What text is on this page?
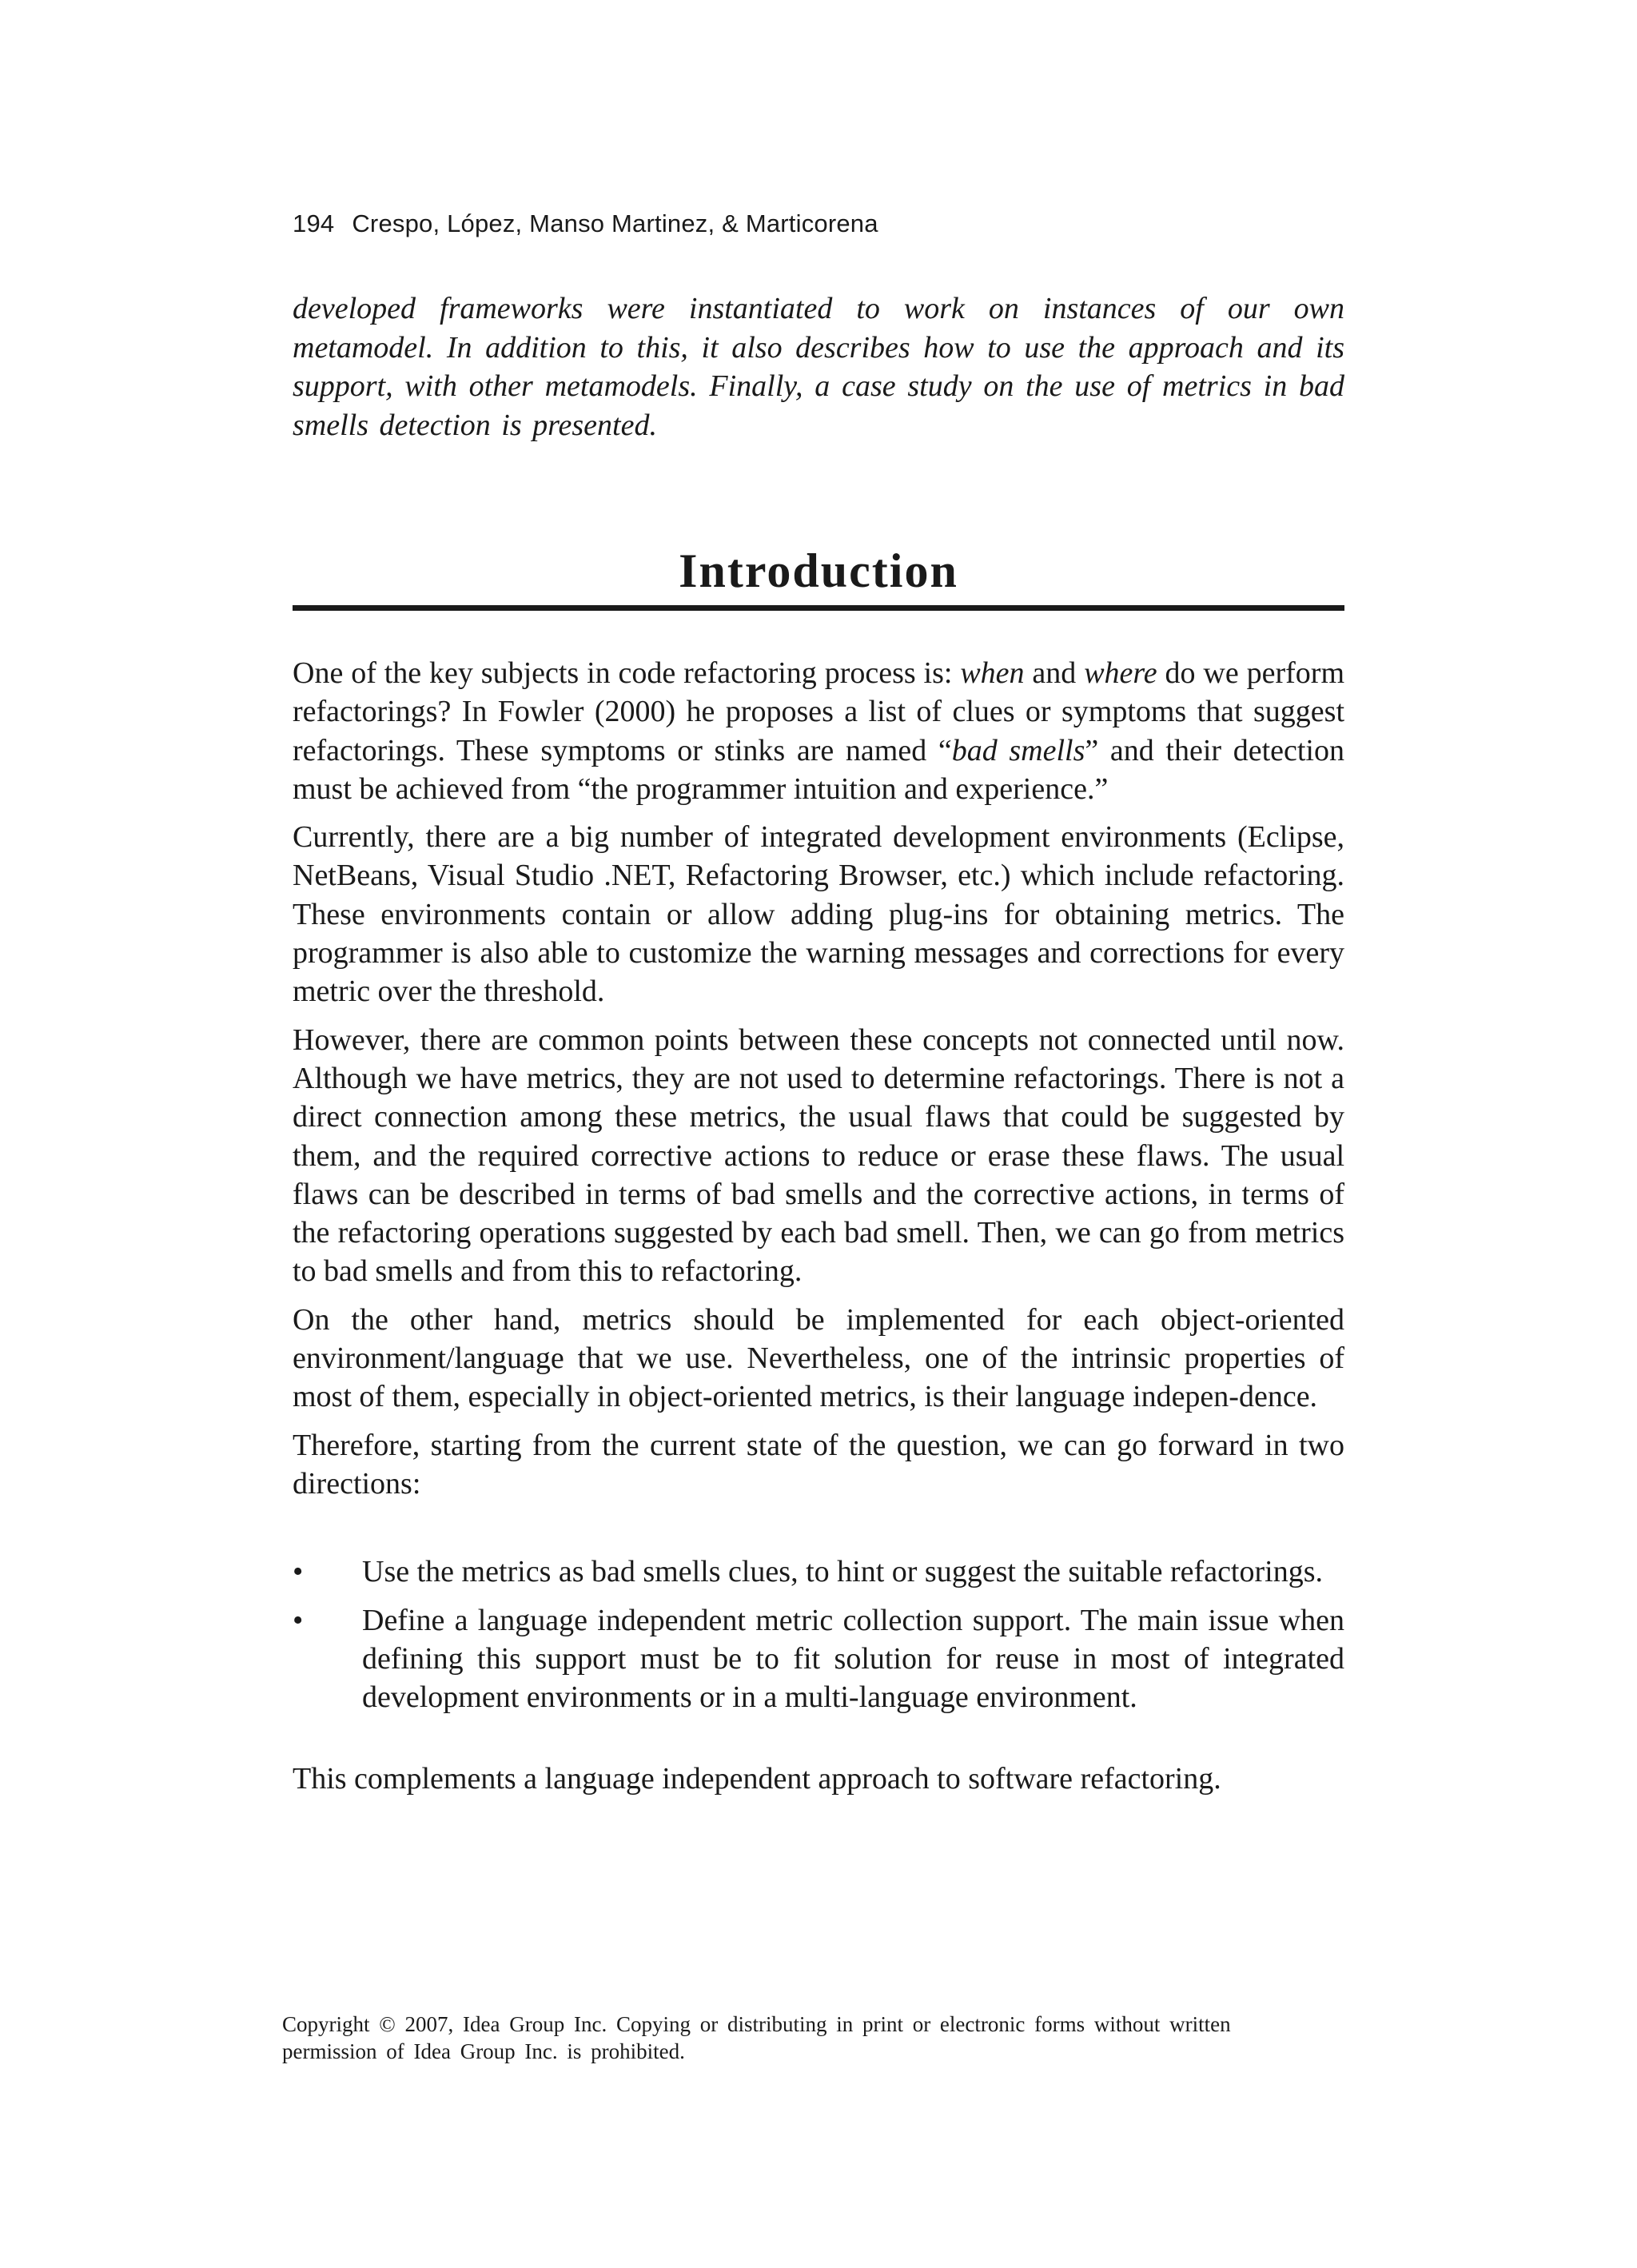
194 Crespo, López, Manso Martinez, & Marticorena
developed frameworks were instantiated to work on instances of our own metamodel. In addition to this, it also describes how to use the approach and its support, with other metamodels. Finally, a case study on the use of metrics in bad smells detection is presented.
Introduction

One of the key subjects in code refactoring process is: when and where do we perform refactorings? In Fowler (2000) he proposes a list of clues or symptoms that suggest refactorings. These symptoms or stinks are named “bad smells” and their detection must be achieved from “the programmer intuition and experience.”

Currently, there are a big number of integrated development environments (Eclipse, NetBeans, Visual Studio .NET, Refactoring Browser, etc.) which include refactoring. These environments contain or allow adding plug-ins for obtaining metrics. The programmer is also able to customize the warning messages and corrections for every metric over the threshold.

However, there are common points between these concepts not connected until now. Although we have metrics, they are not used to determine refactorings. There is not a direct connection among these metrics, the usual flaws that could be suggested by them, and the required corrective actions to reduce or erase these flaws. The usual flaws can be described in terms of bad smells and the corrective actions, in terms of the refactoring operations suggested by each bad smell. Then, we can go from metrics to bad smells and from this to refactoring.

On the other hand, metrics should be implemented for each object-oriented environment/language that we use. Nevertheless, one of the intrinsic properties of most of them, especially in object-oriented metrics, is their language indepen-dence.

Therefore, starting from the current state of the question, we can go forward in two directions:

• Use the metrics as bad smells clues, to hint or suggest the suitable refactorings.
• Define a language independent metric collection support. The main issue when defining this support must be to fit solution for reuse in most of integrated development environments or in a multi-language environment.

This complements a language independent approach to software refactoring.

Copyright © 2007, Idea Group Inc. Copying or distributing in print or electronic forms without written permission of Idea Group Inc. is prohibited.
